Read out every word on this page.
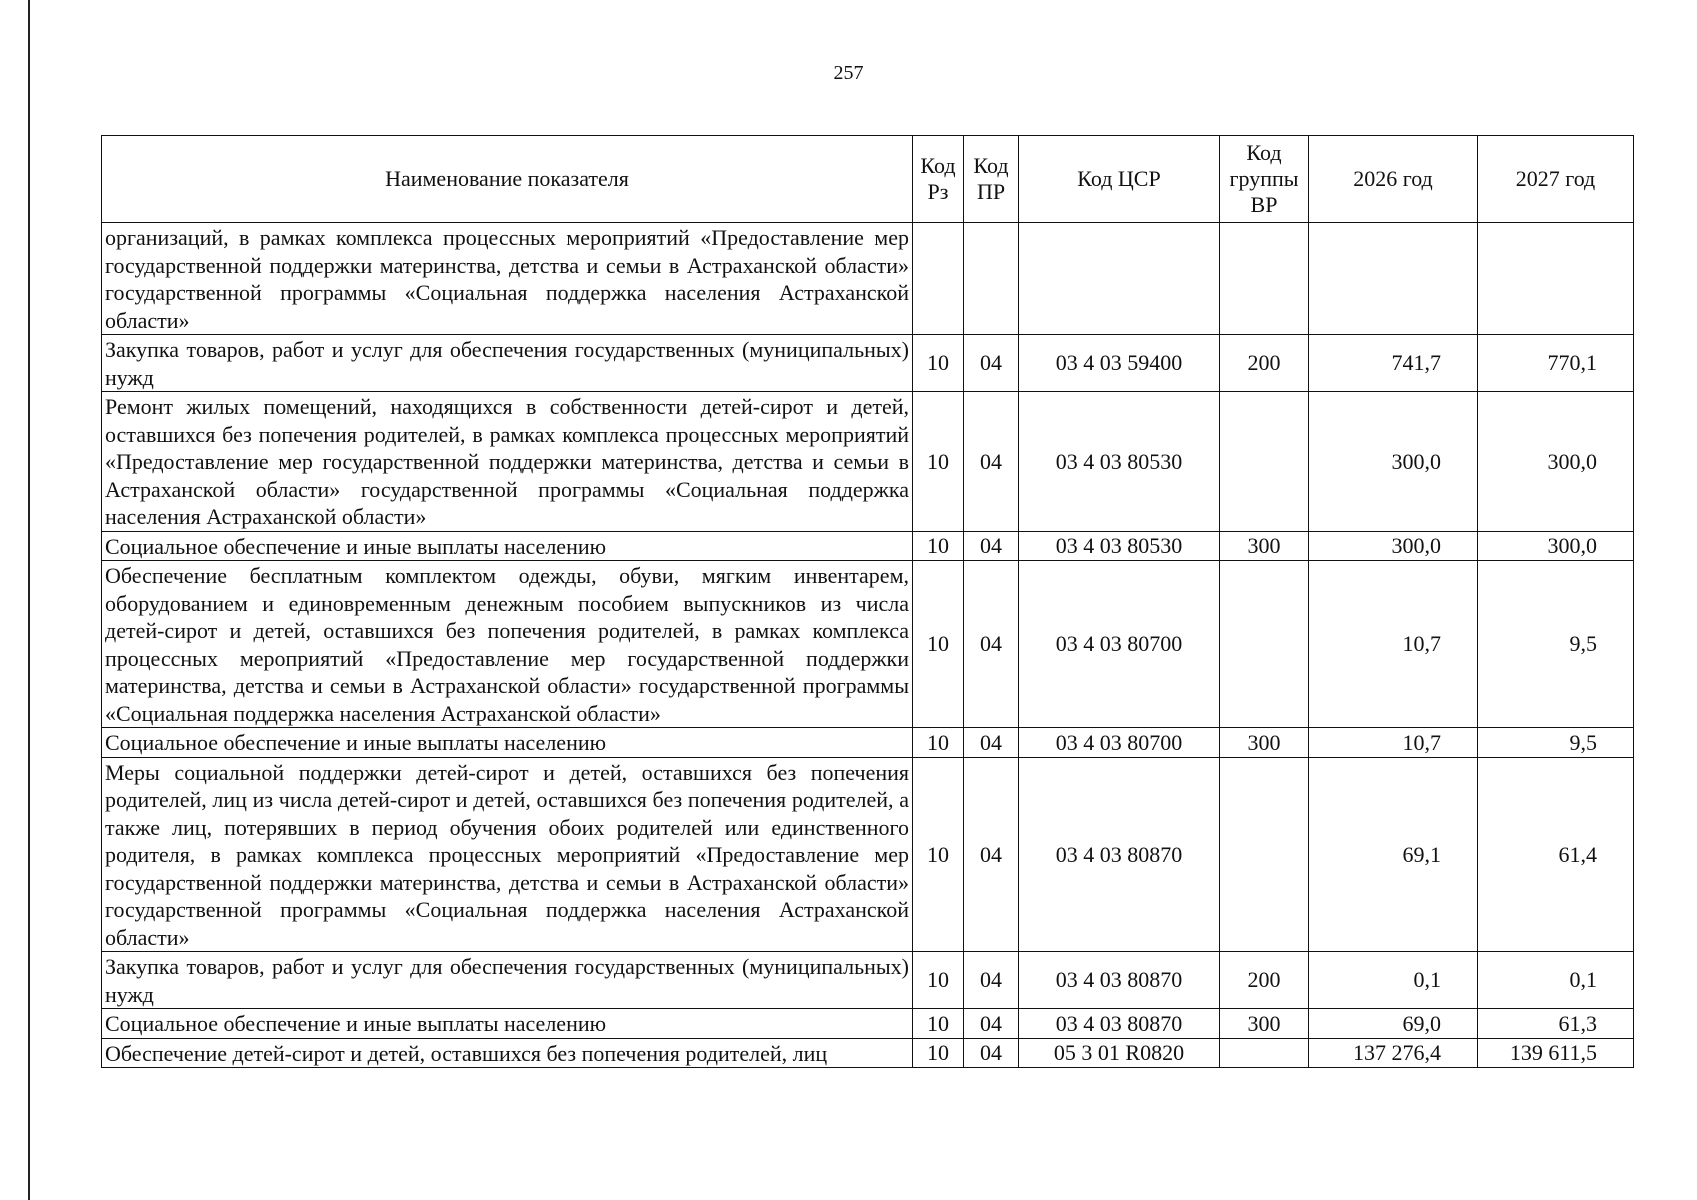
257
Наименование показателя	Код Рз	Код ПР	Код ЦСР	Код группы ВР	2026 год	2027 год
организаций, в рамках комплекса процессных мероприятий «Предоставление мер государственной поддержки материнства, детства и семьи в Астраханской области» государственной программы «Социальная поддержка населения Астраханской области»						
Закупка товаров, работ и услуг для обеспечения государственных (муниципальных) нужд	10	04	03 4 03 59400	200	741,7	770,1
Ремонт жилых помещений, находящихся в собственности детей-сирот и детей, оставшихся без попечения родителей, в рамках комплекса процессных мероприятий «Предоставление мер государственной поддержки материнства, детства и семьи в Астраханской области» государственной программы «Социальная поддержка населения Астраханской области»	10	04	03 4 03 80530		300,0	300,0
Социальное обеспечение и иные выплаты населению	10	04	03 4 03 80530	300	300,0	300,0
Обеспечение бесплатным комплектом одежды, обуви, мягким инвентарем, оборудованием и единовременным денежным пособием выпускников из числа детей-сирот и детей, оставшихся без попечения родителей, в рамках комплекса процессных мероприятий «Предоставление мер государственной поддержки материнства, детства и семьи в Астраханской области» государственной программы «Социальная поддержка населения Астраханской области»	10	04	03 4 03 80700		10,7	9,5
Социальное обеспечение и иные выплаты населению	10	04	03 4 03 80700	300	10,7	9,5
Меры социальной поддержки детей-сирот и детей, оставшихся без попечения родителей, лиц из числа детей-сирот и детей, оставшихся без попечения родителей, а также лиц, потерявших в период обучения обоих родителей или единственного родителя, в рамках комплекса процессных мероприятий «Предоставление мер государственной поддержки материнства, детства и семьи в Астраханской области» государственной программы «Социальная поддержка населения Астраханской области»	10	04	03 4 03 80870		69,1	61,4
Закупка товаров, работ и услуг для обеспечения государственных (муниципальных) нужд	10	04	03 4 03 80870	200	0,1	0,1
Социальное обеспечение и иные выплаты населению	10	04	03 4 03 80870	300	69,0	61,3
Обеспечение детей-сирот и детей, оставшихся без попечения родителей, лиц	10	04	05 3 01 R0820		137 276,4	139 611,5
